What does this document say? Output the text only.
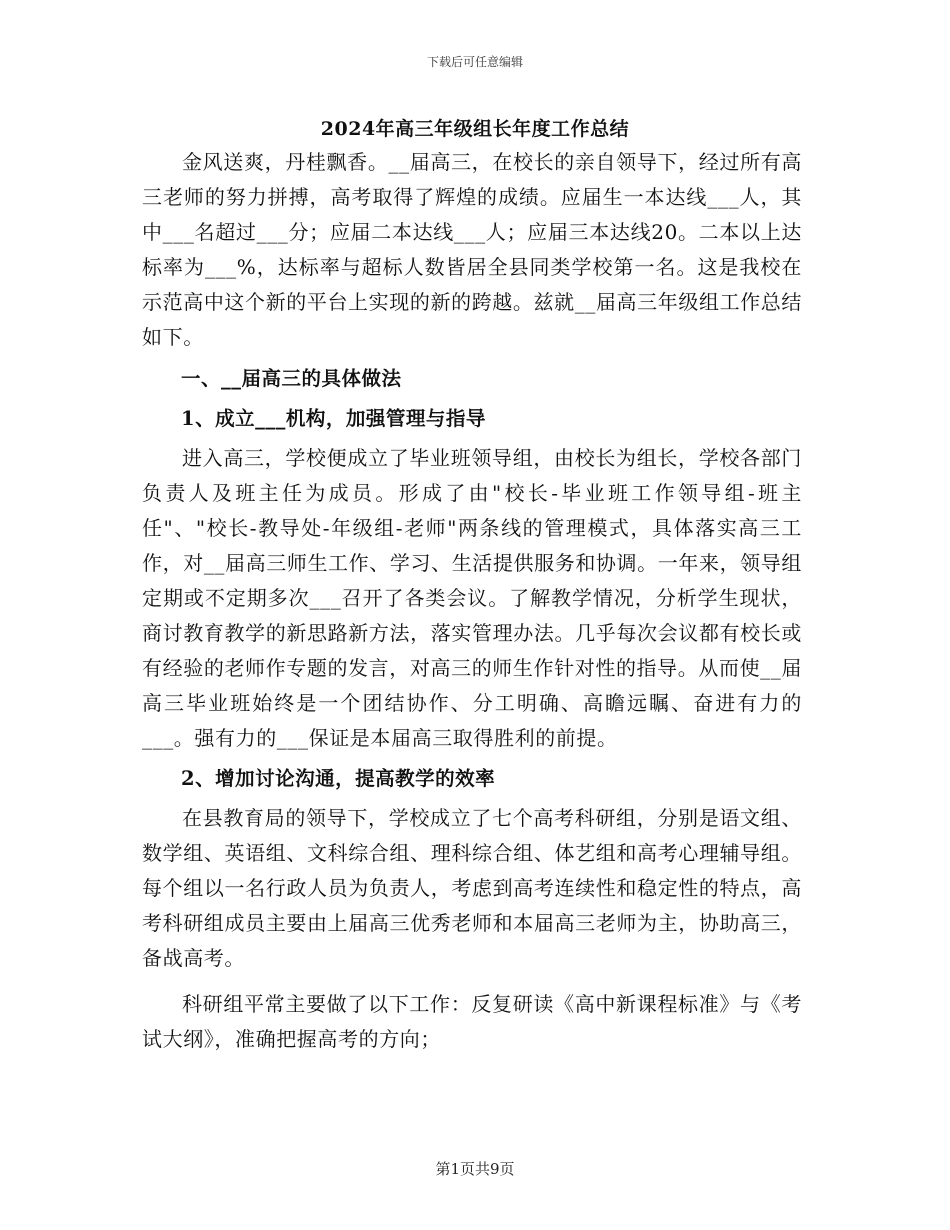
下载后可任意编辑
2024年高三年级组长年度工作总结

金风送爽，丹桂飘香。__届高三，在校长的亲自领导下，经过所有高三老师的努力拼搏，高考取得了辉煌的成绩。应届生一本达线___人，其中___名超过___分；应届二本达线___人；应届三本达线20。二本以上达标率为___%，达标率与超标人数皆居全县同类学校第一名。这是我校在示范高中这个新的平台上实现的新的跨越。兹就__届高三年级组工作总结如下。

一、__届高三的具体做法

1、成立___机构，加强管理与指导

进入高三，学校便成立了毕业班领导组，由校长为组长，学校各部门负责人及班主任为成员。形成了由"校长-毕业班工作领导组-班主任"、"校长-教导处-年级组-老师"两条线的管理模式，具体落实高三工作，对__届高三师生工作、学习、生活提供服务和协调。一年来，领导组定期或不定期多次___召开了各类会议。了解教学情况，分析学生现状，商讨教育教学的新思路新方法，落实管理办法。几乎每次会议都有校长或有经验的老师作专题的发言，对高三的师生作针对性的指导。从而使__届高三毕业班始终是一个团结协作、分工明确、高瞻远瞩、奋进有力的___。强有力的___保证是本届高三取得胜利的前提。

2、增加讨论沟通，提高教学的效率

在县教育局的领导下，学校成立了七个高考科研组，分别是语文组、数学组、英语组、文科综合组、理科综合组、体艺组和高考心理辅导组。每个组以一名行政人员为负责人，考虑到高考连续性和稳定性的特点，高考科研组成员主要由上届高三优秀老师和本届高三老师为主，协助高三，备战高考。

科研组平常主要做了以下工作：反复研读《高中新课程标准》与《考试大纲》，准确把握高考的方向；

第1页共9页
